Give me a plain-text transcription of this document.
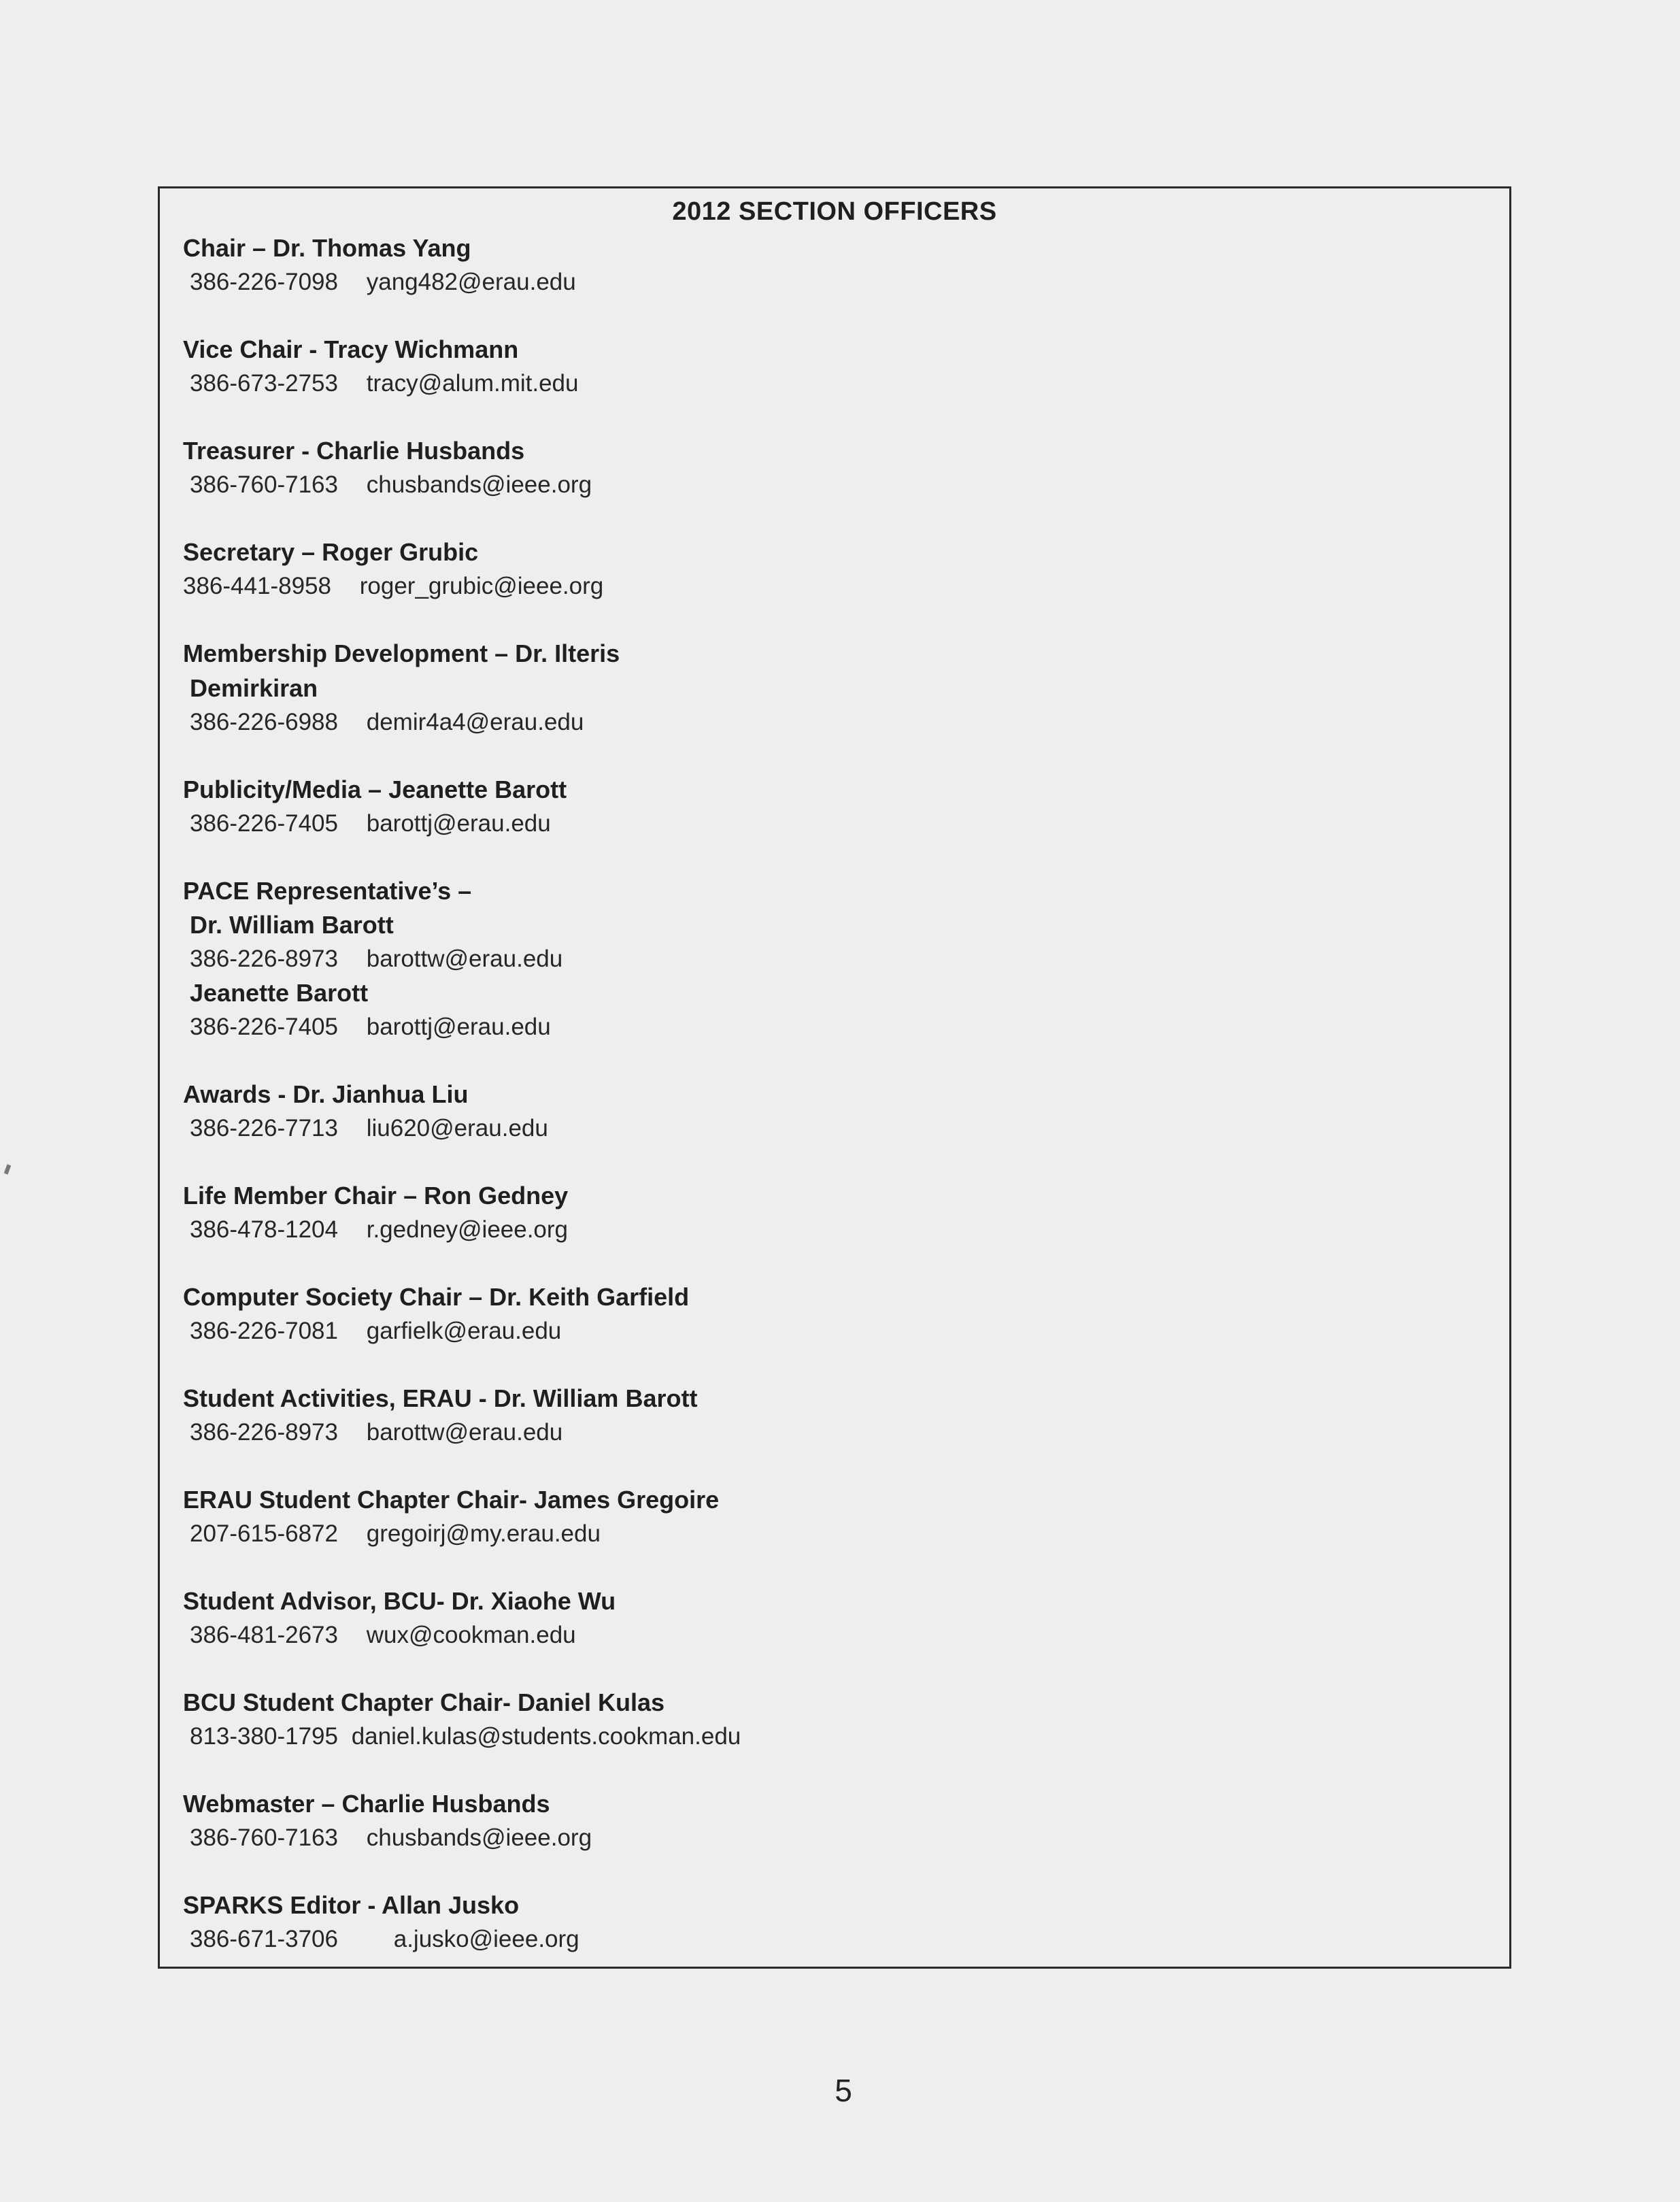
2012 SECTION OFFICERS
Chair – Dr. Thomas Yang
386-226-7098 yang482@erau.edu
Vice Chair - Tracy Wichmann
386-673-2753 tracy@alum.mit.edu
Treasurer - Charlie Husbands
386-760-7163 chusbands@ieee.org
Secretary – Roger Grubic
386-441-8958 roger_grubic@ieee.org
Membership Development – Dr. Ilteris
Demirkiran
386-226-6988 demir4a4@erau.edu
Publicity/Media – Jeanette Barott
386-226-7405 barottj@erau.edu
PACE Representative’s –
Dr. William Barott
386-226-8973 barottw@erau.edu
Jeanette Barott
386-226-7405 barottj@erau.edu
Awards - Dr. Jianhua Liu
386-226-7713 liu620@erau.edu
Life Member Chair – Ron Gedney
386-478-1204 r.gedney@ieee.org
Computer Society Chair – Dr. Keith Garfield
386-226-7081 garfielk@erau.edu
Student Activities, ERAU - Dr. William Barott
386-226-8973 barottw@erau.edu
ERAU Student Chapter Chair- James Gregoire
207-615-6872 gregoirj@my.erau.edu
Student Advisor, BCU- Dr. Xiaohe Wu
386-481-2673 wux@cookman.edu
BCU Student Chapter Chair- Daniel Kulas
813-380-1795 daniel.kulas@students.cookman.edu
Webmaster – Charlie Husbands
386-760-7163 chusbands@ieee.org
SPARKS Editor - Allan Jusko
386-671-3706 a.jusko@ieee.org
5
